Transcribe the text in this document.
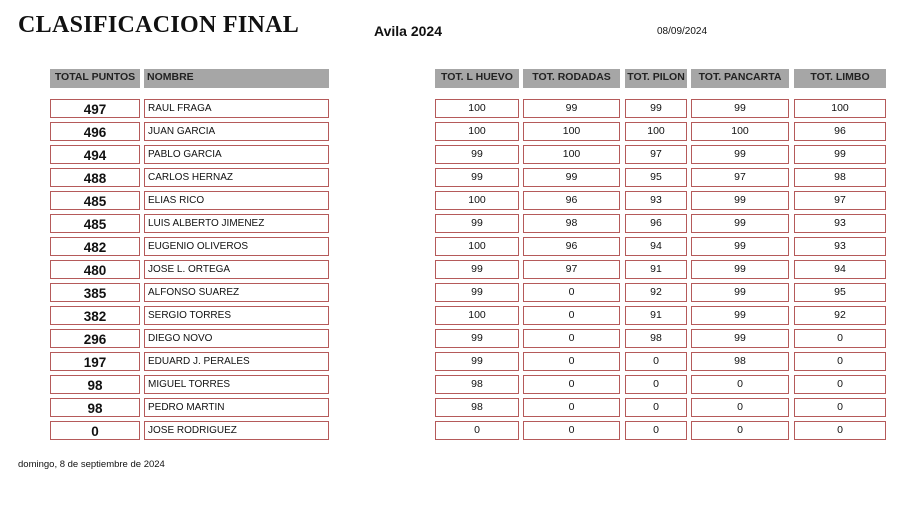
CLASIFICACION FINAL	Avila 2024	08/09/2024
TOTAL PUNTOS	NOMBRE	TOT. L HUEVO	TOT. RODADAS	TOT. PILON	TOT. PANCARTA	TOT. LIMBO
497	RAUL FRAGA	100	99	99	99	100
496	JUAN GARCIA	100	100	100	100	96
494	PABLO GARCIA	99	100	97	99	99
488	CARLOS HERNAZ	99	99	95	97	98
485	ELIAS RICO	100	96	93	99	97
485	LUIS ALBERTO JIMENEZ	99	98	96	99	93
482	EUGENIO OLIVEROS	100	96	94	99	93
480	JOSE L. ORTEGA	99	97	91	99	94
385	ALFONSO SUAREZ	99	0	92	99	95
382	SERGIO TORRES	100	0	91	99	92
296	DIEGO NOVO	99	0	98	99	0
197	EDUARD J. PERALES	99	0	0	98	0
98	MIGUEL TORRES	98	0	0	0	0
98	PEDRO MARTIN	98	0	0	0	0
0	JOSE RODRIGUEZ	0	0	0	0	0
domingo, 8 de septiembre de 2024
